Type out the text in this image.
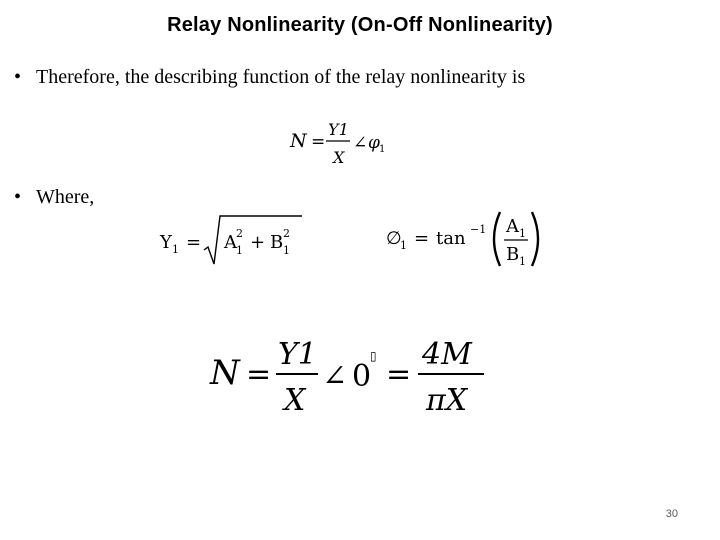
Relay Nonlinearity (On-Off Nonlinearity)
• Therefore, the describing function of the relay nonlinearity is
N =
Y1
X
∠ φ 1
• Where,
Y 1 = A 2
1 + B 2
1
∅
1 = tan −1 A 1
B 1
N =
Y1
X
∠ 0
▯
=
4M
πX
30
